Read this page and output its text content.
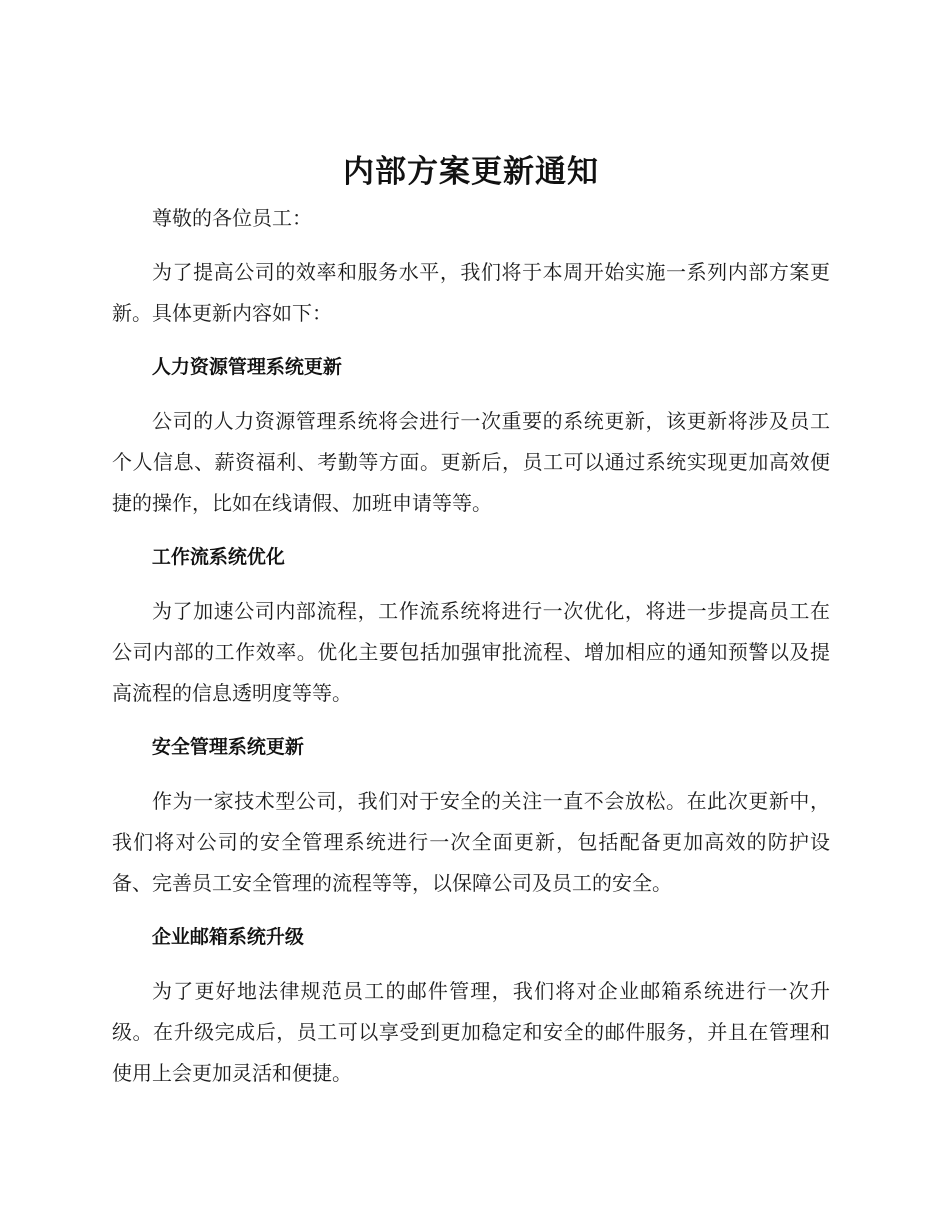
内部方案更新通知

尊敬的各位员工：

为了提高公司的效率和服务水平，我们将于本周开始实施一系列内部方案更新。具体更新内容如下：

人力资源管理系统更新

公司的人力资源管理系统将会进行一次重要的系统更新，该更新将涉及员工个人信息、薪资福利、考勤等方面。更新后，员工可以通过系统实现更加高效便捷的操作，比如在线请假、加班申请等等。

工作流系统优化

为了加速公司内部流程，工作流系统将进行一次优化，将进一步提高员工在公司内部的工作效率。优化主要包括加强审批流程、增加相应的通知预警以及提高流程的信息透明度等等。

安全管理系统更新

作为一家技术型公司，我们对于安全的关注一直不会放松。在此次更新中，我们将对公司的安全管理系统进行一次全面更新，包括配备更加高效的防护设备、完善员工安全管理的流程等等，以保障公司及员工的安全。

企业邮箱系统升级

为了更好地法律规范员工的邮件管理，我们将对企业邮箱系统进行一次升级。在升级完成后，员工可以享受到更加稳定和安全的邮件服务，并且在管理和使用上会更加灵活和便捷。
